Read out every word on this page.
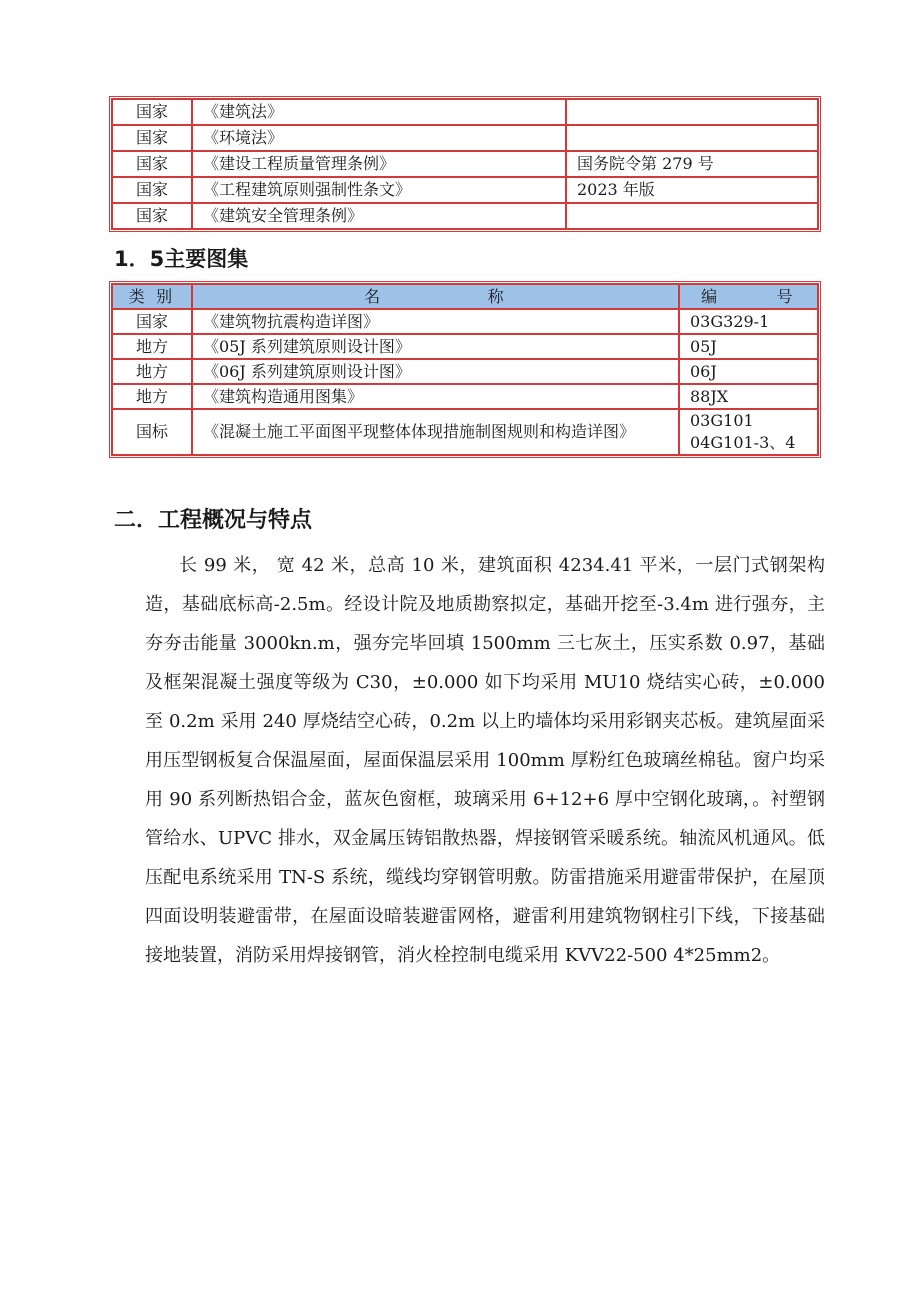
国家	《建筑法》	
国家	《环境法》	
国家	《建设工程质量管理条例》	国务院令第 279 号
国家	《工程建筑原则强制性条文》	2023 年版
国家	《建筑安全管理条例》	
1．5主要图集
类 别	名 称	编 号
国家	《建筑物抗震构造详图》	03G329-1
地方	《05J 系列建筑原则设计图》	05J
地方	《06J 系列建筑原则设计图》	06J
地方	《建筑构造通用图集》	88JX
国标	《混凝土施工平面图平现整体体现措施制图规则和构造详图》	03G101
04G101-3、4
二．工程概况与特点

长 99 米， 宽 42 米，总高 10 米，建筑面积 4234.41 平米，一层门式钢架构造，基础底标高-2.5m。经设计院及地质勘察拟定，基础开挖至-3.4m 进行强夯，主夯夯击能量 3000kn.m，强夯完毕回填 1500mm 三七灰土，压实系数 0.97，基础及框架混凝土强度等级为 C30，±0.000 如下均采用 MU10 烧结实心砖，±0.000 至 0.2m 采用 240 厚烧结空心砖，0.2m 以上旳墙体均采用彩钢夹芯板。建筑屋面采用压型钢板复合保温屋面，屋面保温层采用 100mm 厚粉红色玻璃丝棉毡。窗户均采用 90 系列断热铝合金，蓝灰色窗框，玻璃采用 6+12+6 厚中空钢化玻璃，。衬塑钢管给水、UPVC 排水，双金属压铸铝散热器，焊接钢管采暖系统。轴流风机通风。低压配电系统采用 TN-S 系统，缆线均穿钢管明敷。防雷措施采用避雷带保护，在屋顶四面设明装避雷带，在屋面设暗装避雷网格，避雷利用建筑物钢柱引下线，下接基础接地装置，消防采用焊接钢管，消火栓控制电缆采用 KVV22-500 4*25mm2。
